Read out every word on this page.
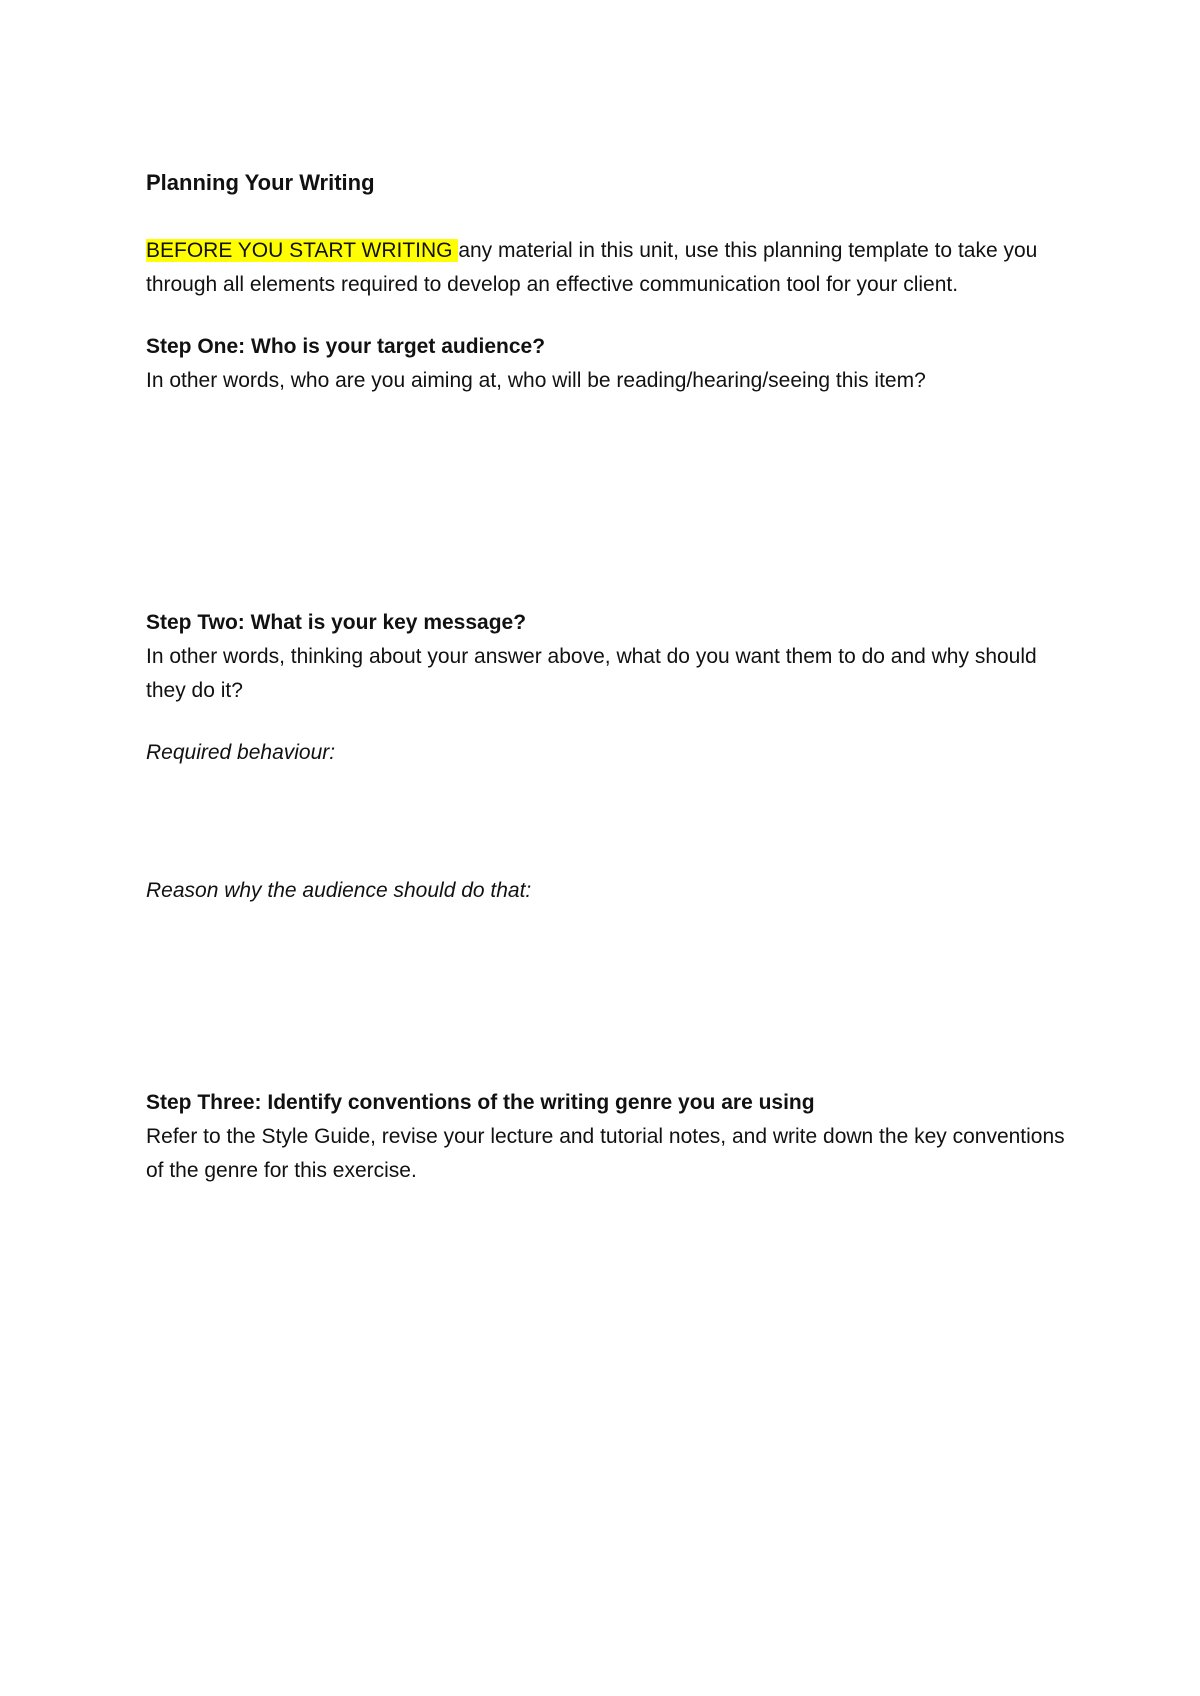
Planning Your Writing

BEFORE YOU START WRITING any material in this unit, use this planning template to take you through all elements required to develop an effective communication tool for your client.

Step One: Who is your target audience?

In other words, who are you aiming at, who will be reading/hearing/seeing this item?

Step Two: What is your key message?

In other words, thinking about your answer above, what do you want them to do and why should they do it?

Required behaviour:

Reason why the audience should do that:

Step Three: Identify conventions of the writing genre you are using

Refer to the Style Guide, revise your lecture and tutorial notes, and write down the key conventions of the genre for this exercise.
